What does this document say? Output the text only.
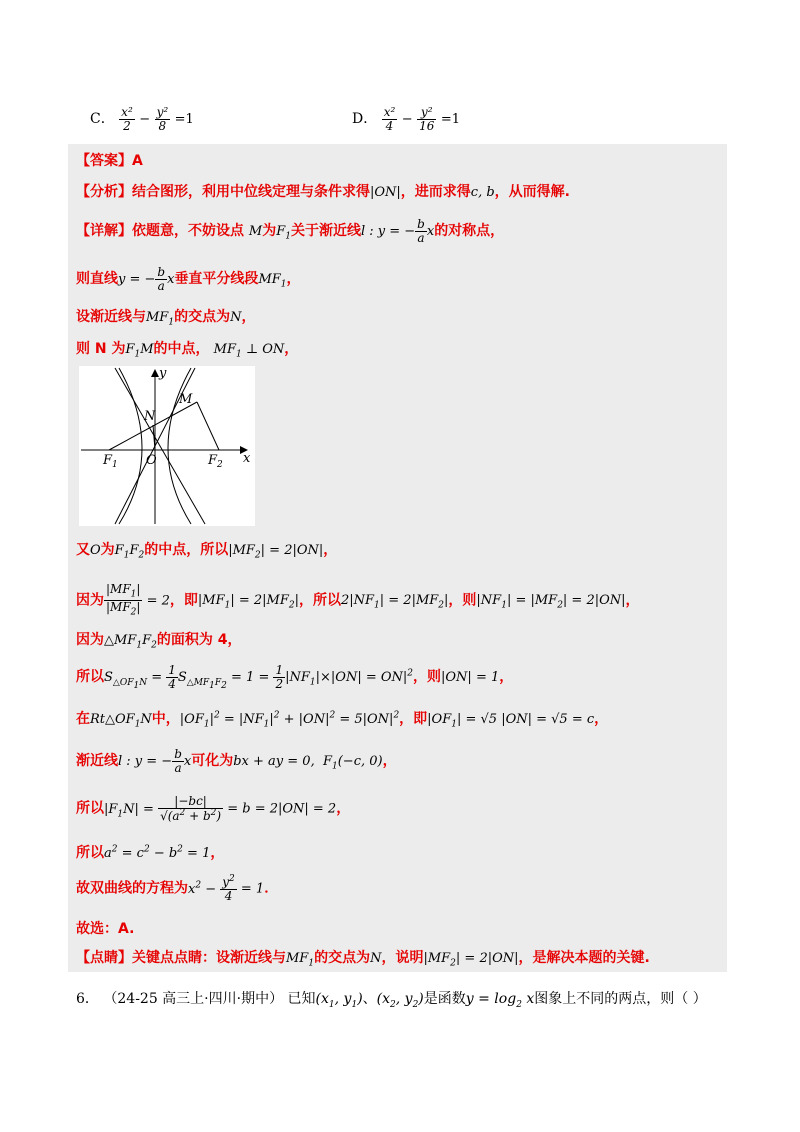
C． $\frac{\text{x²}}{2} - \frac{\text{y²}}{8} =1$	D． $\frac{\text{x²}}{4} - \frac{\text{y²}}{16} =1$
【答案】A
【分析】结合图形，利用中位线定理与条件求得|ON|，进而求得c, b，从而得解.
【详解】依题意，不妨设点 M为$F_1$关于渐近线l : y = − $\frac{b}{a}$ x的对称点，
则直线y = − $\frac{b}{a}$ x垂直平分线段$MF_1$，
设渐近线与$MF_1$的交点为N，
则 N 为$F_1M$的中点， $MF_1$ ⊥ ON，
y
x
M
N
$F_1$ O	$F_2$
又O为$F_1F_2$的中点，所以$|MF_2| = 2|ON|$，
因为 $\frac{|MF_1|}{|MF_2|} = 2$，即$|MF_1| = 2|MF_2|$，所以$2|NF_1| = 2|MF_2|$，则$|NF_1| = |MF_2| = 2|ON|$，
因为$\triangle MF_1F_2$的面积为 4，
所以$S_{\triangle OF_1N} = \frac{1}{4} S_{\triangle MF_1F_2} = 1 = \frac{1}{2} |NF_1|\times|ON| = ON|^2$，则|ON| = 1，
在$Rt\triangle OF_1N$中，$|OF_1|^2 = |NF_1|^2 + |ON|^2 = 5|ON|^2$，即$|OF_1| = √5$ |ON| = √5 = c，
渐近线l : y = − $\frac{b}{a}$ x可化为bx + ay = 0,  $F_1(-c$, 0)，
所以$|F_1N| = \frac{|-bc|}{√(a^2 + b^2)} = b = 2|ON| = 2$，
所以$a^2 = c^2 - b^2 = 1$，
故双曲线的方程为$x^2 - \frac{y^2}{4} = 1$．
故选：A.
【点睛】关键点点睛：设渐近线与$MF_1$的交点为N，说明$|MF_2| = 2|ON|$，是解决本题的关键.
6． （24-25 高三上·四川·期中） 已知($x_1$, $y_1$)、($x_2$, $y_2$)是函数$y = \log_2 x$图象上不同的两点，则（ ）
